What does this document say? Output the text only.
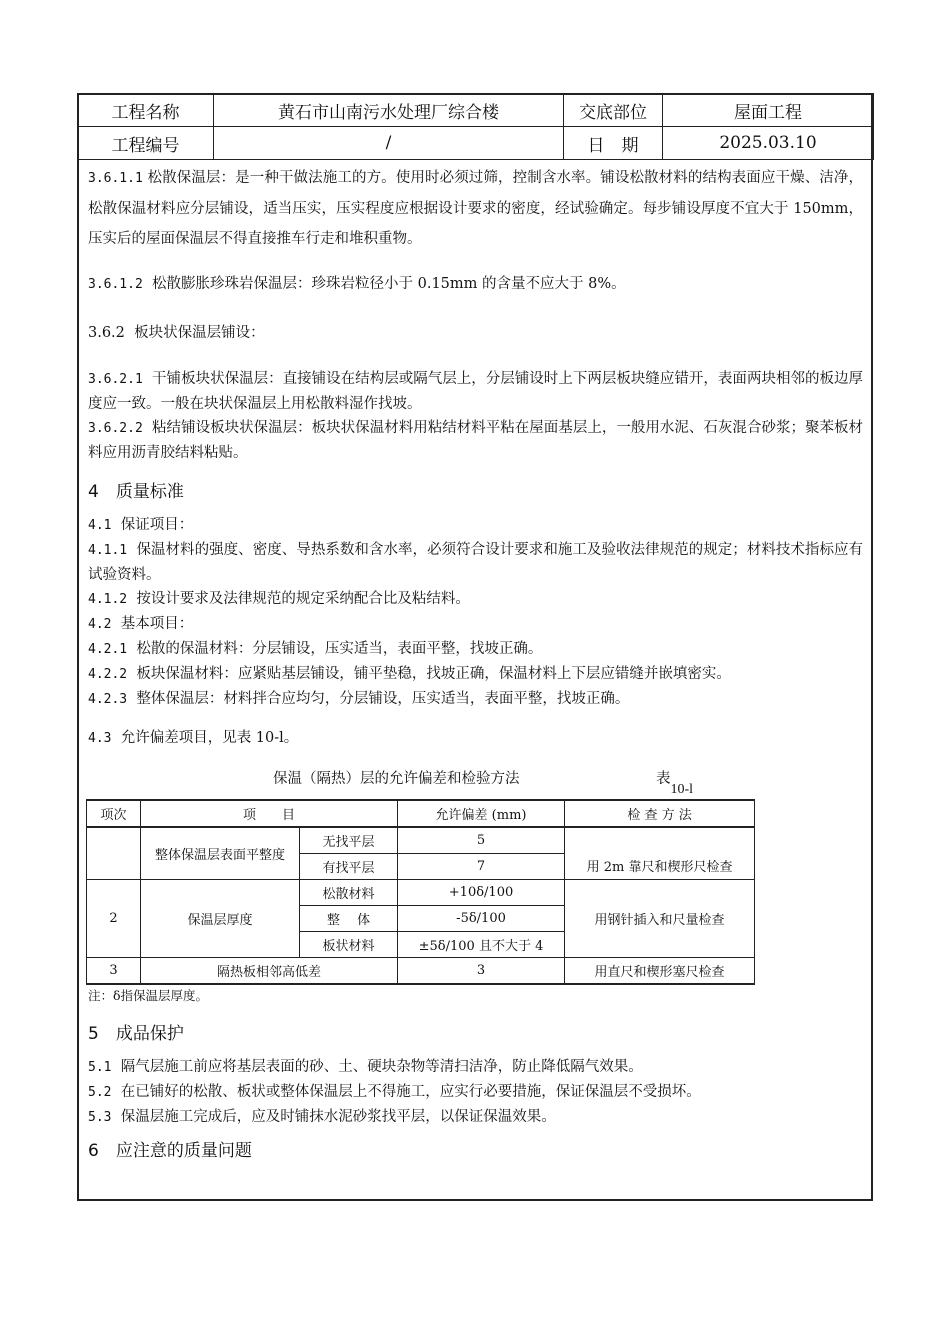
工程名称	黄石市山南污水处理厂综合楼	交底部位	屋面工程
工程编号	/	日　期	2025.03.10

3.6.1.1 松散保温层：是一种干做法施工的方。使用时必须过筛，控制含水率。铺设松散材料的结构表面应干燥、洁净，松散保温材料应分层铺设，适当压实，压实程度应根据设计要求的密度，经试验确定。每步铺设厚度不宜大于 150mm，压实后的屋面保温层不得直接推车行走和堆积重物。

3.6.1.2 松散膨胀珍珠岩保温层：珍珠岩粒径小于 0.15mm 的含量不应大于 8%。

3.6.2 板块状保温层铺设：

3.6.2.1 干铺板块状保温层：直接铺设在结构层或隔气层上，分层铺设时上下两层板块缝应错开，表面两块相邻的板边厚度应一致。一般在块状保温层上用松散料湿作找坡。

3.6.2.2 粘结铺设板块状保温层：板块状保温材料用粘结材料平粘在屋面基层上，一般用水泥、石灰混合砂浆；聚苯板材料应用沥青胶结料粘贴。

4　质量标准

4.1 保证项目：

4.1.1 保温材料的强度、密度、导热系数和含水率，必须符合设计要求和施工及验收法律规范的规定；材料技术指标应有试验资料。

4.1.2 按设计要求及法律规范的规定采纳配合比及粘结料。

4.2 基本项目：

4.2.1 松散的保温材料：分层铺设，压实适当，表面平整，找坡正确。

4.2.2 板块保温材料：应紧贴基层铺设，铺平垫稳，找坡正确，保温材料上下层应错缝并嵌填密实。

4.2.3 整体保温层：材料拌合应均匀，分层铺设，压实适当，表面平整，找坡正确。

4.3 允许偏差项目，见表 10-l。

保温（隔热）层的允许偏差和检验方法	表$_{10-l}$
项次	项　　目		允许偏差 (mm)	检 查 方 法
	整体保温层表面平整度	无找平层	5	用 2m 靠尺和楔形尺检查
		有找平层	7	
2	保温层厚度	松散材料	+10δ/100	用钢针插入和尺量检查
		整　 体	-5δ/100	
		板状材料	±5δ/100 且不大于 4	
3	隔热板相邻高低差		3	用直尺和楔形塞尺检查

注：δ指保温层厚度。

5　成品保护

5.1 隔气层施工前应将基层表面的砂、土、硬块杂物等清扫洁净，防止降低隔气效果。

5.2 在已铺好的松散、板状或整体保温层上不得施工，应实行必要措施，保证保温层不受损坏。

5.3 保温层施工完成后，应及时铺抹水泥砂浆找平层，以保证保温效果。

6　应注意的质量问题
